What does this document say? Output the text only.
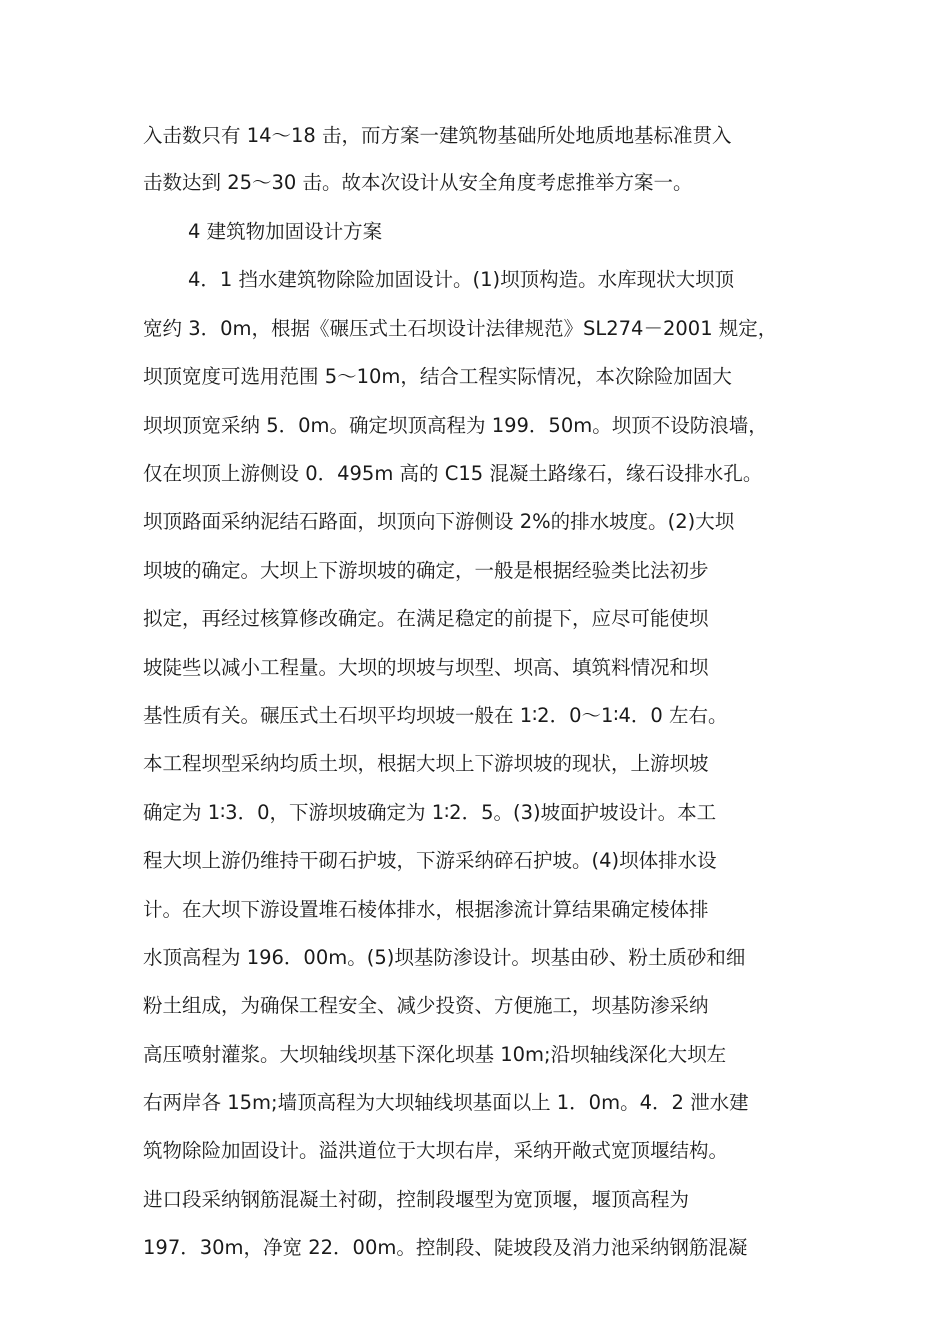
入击数只有 14～18 击，而方案一建筑物基础所处地质地基标准贯入
击数达到 25～30 击。故本次设计从安全角度考虑推举方案一。
4 建筑物加固设计方案
4．1 挡水建筑物除险加固设计。(1)坝顶构造。水库现状大坝顶
宽约 3．0m，根据《碾压式土石坝设计法律规范》SL274－2001 规定，
坝顶宽度可选用范围 5～10m，结合工程实际情况，本次除险加固大
坝坝顶宽采纳 5．0m。确定坝顶高程为 199．50m。坝顶不设防浪墙，
仅在坝顶上游侧设 0．495m 高的 C15 混凝土路缘石，缘石设排水孔。
坝顶路面采纳泥结石路面，坝顶向下游侧设 2%的排水坡度。(2)大坝
坝坡的确定。大坝上下游坝坡的确定，一般是根据经验类比法初步
拟定，再经过核算修改确定。在满足稳定的前提下，应尽可能使坝
坡陡些以减小工程量。大坝的坝坡与坝型、坝高、填筑料情况和坝
基性质有关。碾压式土石坝平均坝坡一般在 1∶2．0～1∶4．0 左右。
本工程坝型采纳均质土坝，根据大坝上下游坝坡的现状，上游坝坡
确定为 1∶3．0，下游坝坡确定为 1∶2．5。(3)坡面护坡设计。本工
程大坝上游仍维持干砌石护坡，下游采纳碎石护坡。(4)坝体排水设
计。在大坝下游设置堆石棱体排水，根据渗流计算结果确定棱体排
水顶高程为 196．00m。(5)坝基防渗设计。坝基由砂、粉土质砂和细
粉土组成，为确保工程安全、减少投资、方便施工，坝基防渗采纳
高压喷射灌浆。大坝轴线坝基下深化坝基 10m;沿坝轴线深化大坝左
右两岸各 15m;墙顶高程为大坝轴线坝基面以上 1．0m。4．2 泄水建
筑物除险加固设计。溢洪道位于大坝右岸，采纳开敞式宽顶堰结构。
进口段采纳钢筋混凝土衬砌，控制段堰型为宽顶堰，堰顶高程为
197．30m，净宽 22．00m。控制段、陡坡段及消力池采纳钢筋混凝
